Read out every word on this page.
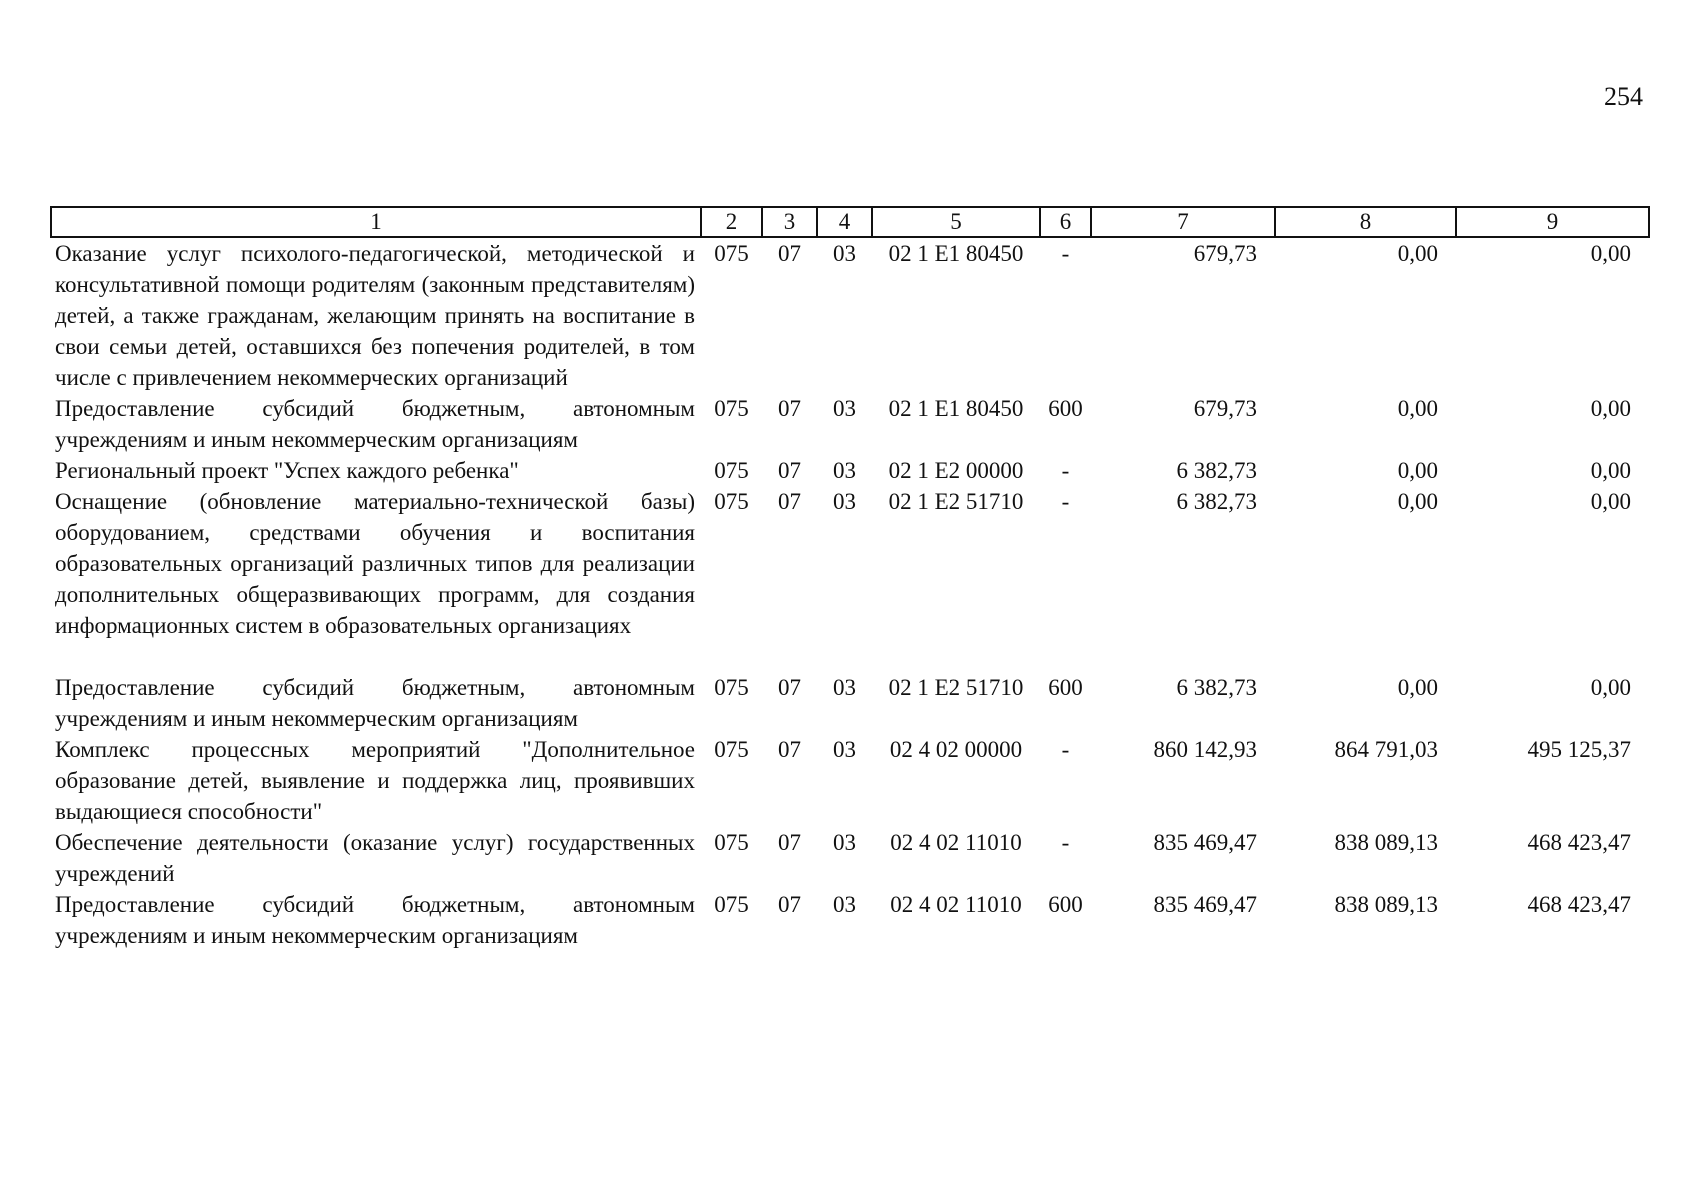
254
1	2	3	4	5	6	7	8	9
Оказание услуг психолого-педагогической, методической и консультативной помощи родителям (законным представителям) детей, а также гражданам, желающим принять на воспитание в свои семьи детей, оставшихся без попечения родителей, в том числе с привлечением некоммерческих организаций	075	07	03	02 1 E1 80450	-	679,73	0,00	0,00
Предоставление субсидий бюджетным, автономным учреждениям и иным некоммерческим организациям	075	07	03	02 1 E1 80450	600	679,73	0,00	0,00
Региональный проект "Успех каждого ребенка"	075	07	03	02 1 E2 00000	-	6 382,73	0,00	0,00
Оснащение (обновление материально-технической базы) оборудованием, средствами обучения и воспитания образовательных организаций различных типов для реализации дополнительных общеразвивающих программ, для создания информационных систем в образовательных организациях	075	07	03	02 1 E2 51710	-	6 382,73	0,00	0,00

Предоставление субсидий бюджетным, автономным учреждениям и иным некоммерческим организациям	075	07	03	02 1 E2 51710	600	6 382,73	0,00	0,00
Комплекс процессных мероприятий "Дополнительное образование детей, выявление и поддержка лиц, проявивших выдающиеся способности"	075	07	03	02 4 02 00000	-	860 142,93	864 791,03	495 125,37
Обеспечение деятельности (оказание услуг) государственных учреждений	075	07	03	02 4 02 11010	-	835 469,47	838 089,13	468 423,47
Предоставление субсидий бюджетным, автономным учреждениям и иным некоммерческим организациям	075	07	03	02 4 02 11010	600	835 469,47	838 089,13	468 423,47
